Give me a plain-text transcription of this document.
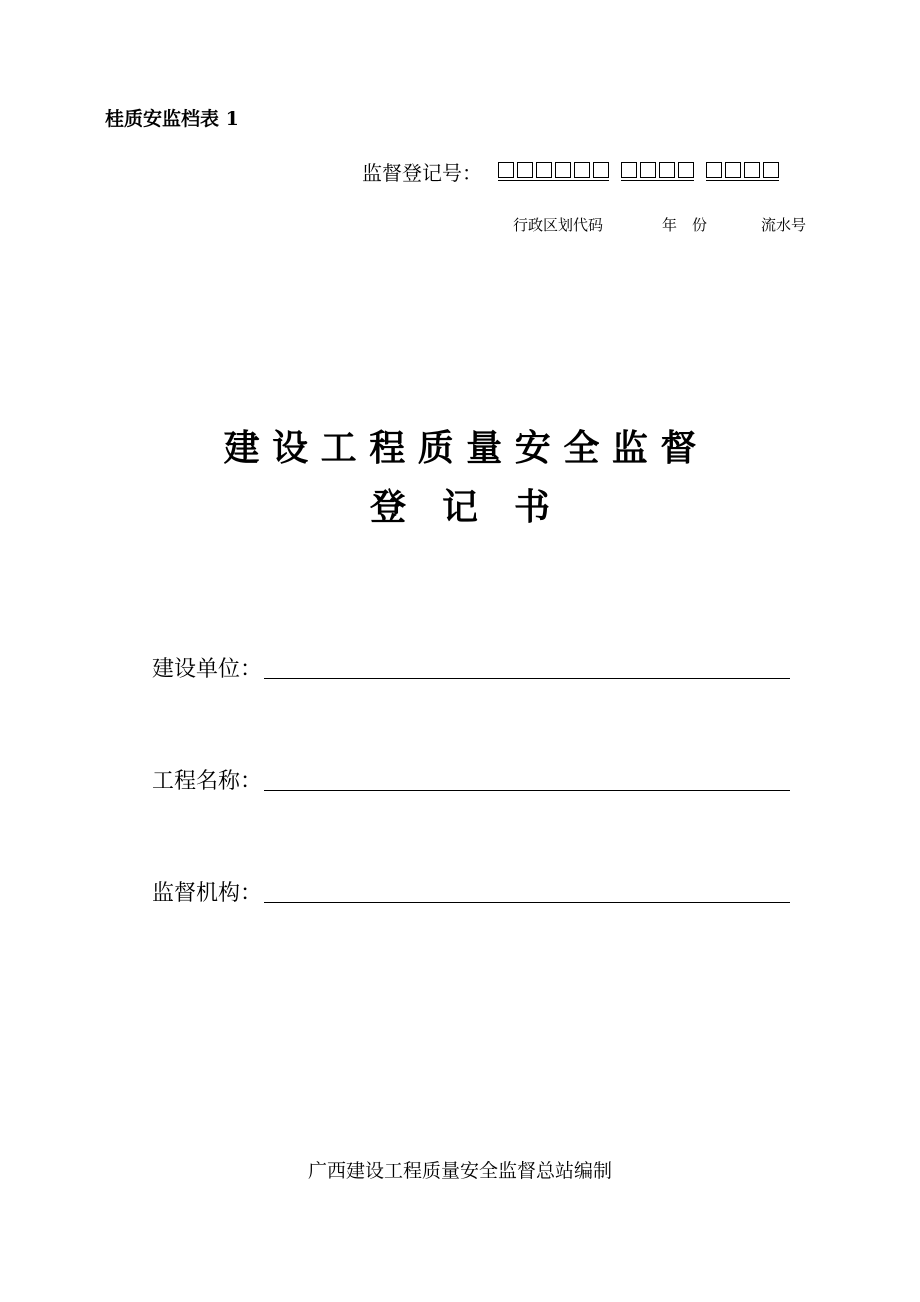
桂质安监档表 1
监督登记号：
行政区划代码	年　份	流水号
建 设 工 程 质 量 安 全 监 督
登　记　书
建设单位：
工程名称：
监督机构：
广西建设工程质量安全监督总站编制
